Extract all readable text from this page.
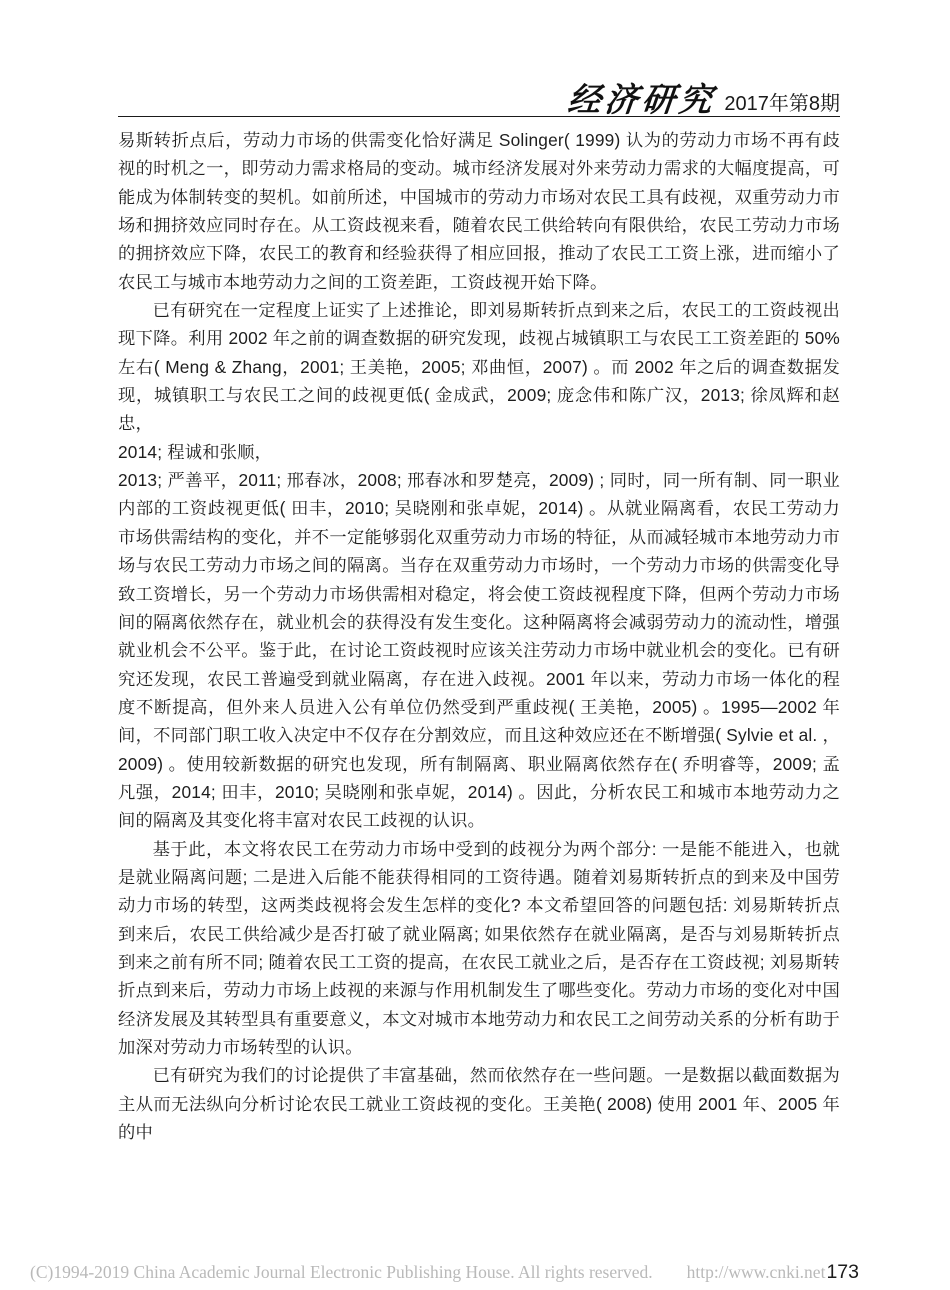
经济研究 2017年第8期

易斯转折点后，劳动力市场的供需变化恰好满足 Solinger( 1999) 认为的劳动力市场不再有歧视的时机之一，即劳动力需求格局的变动。城市经济发展对外来劳动力需求的大幅度提高，可能成为体制转变的契机。如前所述，中国城市的劳动力市场对农民工具有歧视，双重劳动力市场和拥挤效应同时存在。从工资歧视来看，随着农民工供给转向有限供给，农民工劳动力市场的拥挤效应下降，农民工的教育和经验获得了相应回报，推动了农民工工资上涨，进而缩小了农民工与城市本地劳动力之间的工资差距，工资歧视开始下降。

已有研究在一定程度上证实了上述推论，即刘易斯转折点到来之后，农民工的工资歧视出现下降。利用 2002 年之前的调查数据的研究发现，歧视占城镇职工与农民工工资差距的 50%左右( Meng & Zhang，2001; 王美艳，2005; 邓曲恒，2007) 。而 2002 年之后的调查数据发现，城镇职工与农民工之间的歧视更低( 金成武，2009; 庞念伟和陈广汉，2013; 徐凤辉和赵忠，

2014; 程诚和张顺，

2013; 严善平，2011; 邢春冰，2008; 邢春冰和罗楚亮，2009) ; 同时，同一所有制、同一职业内部的工资歧视更低( 田丰，2010; 吴晓刚和张卓妮，2014) 。从就业隔离看，农民工劳动力市场供需结构的变化，并不一定能够弱化双重劳动力市场的特征，从而减轻城市本地劳动力市场与农民工劳动力市场之间的隔离。当存在双重劳动力市场时，一个劳动力市场的供需变化导致工资增长，另一个劳动力市场供需相对稳定，将会使工资歧视程度下降，但两个劳动力市场间的隔离依然存在，就业机会的获得没有发生变化。这种隔离将会减弱劳动力的流动性，增强就业机会不公平。鉴于此，在讨论工资歧视时应该关注劳动力市场中就业机会的变化。已有研究还发现，农民工普遍受到就业隔离，存在进入歧视。2001 年以来，劳动力市场一体化的程度不断提高，但外来人员进入公有单位仍然受到严重歧视( 王美艳，2005) 。1995—2002 年间，不同部门职工收入决定中不仅存在分割效应，而且这种效应还在不断增强( Sylvie et al. ，2009) 。使用较新数据的研究也发现，所有制隔离、职业隔离依然存在( 乔明睿等，2009; 孟凡强，2014; 田丰，2010; 吴晓刚和张卓妮，2014) 。因此，分析农民工和城市本地劳动力之间的隔离及其变化将丰富对农民工歧视的认识。

基于此，本文将农民工在劳动力市场中受到的歧视分为两个部分: 一是能不能进入，也就是就业隔离问题; 二是进入后能不能获得相同的工资待遇。随着刘易斯转折点的到来及中国劳动力市场的转型，这两类歧视将会发生怎样的变化? 本文希望回答的问题包括: 刘易斯转折点到来后，农民工供给减少是否打破了就业隔离; 如果依然存在就业隔离，是否与刘易斯转折点到来之前有所不同; 随着农民工工资的提高，在农民工就业之后，是否存在工资歧视; 刘易斯转折点到来后，劳动力市场上歧视的来源与作用机制发生了哪些变化。劳动力市场的变化对中国经济发展及其转型具有重要意义，本文对城市本地劳动力和农民工之间劳动关系的分析有助于加深对劳动力市场转型的认识。

已有研究为我们的讨论提供了丰富基础，然而依然存在一些问题。一是数据以截面数据为主从而无法纵向分析讨论农民工就业工资歧视的变化。王美艳( 2008) 使用 2001 年、2005 年的中

(C)1994-2019 China Academic Journal Electronic Publishing House. All rights reserved. http://www.cnki.net 173
